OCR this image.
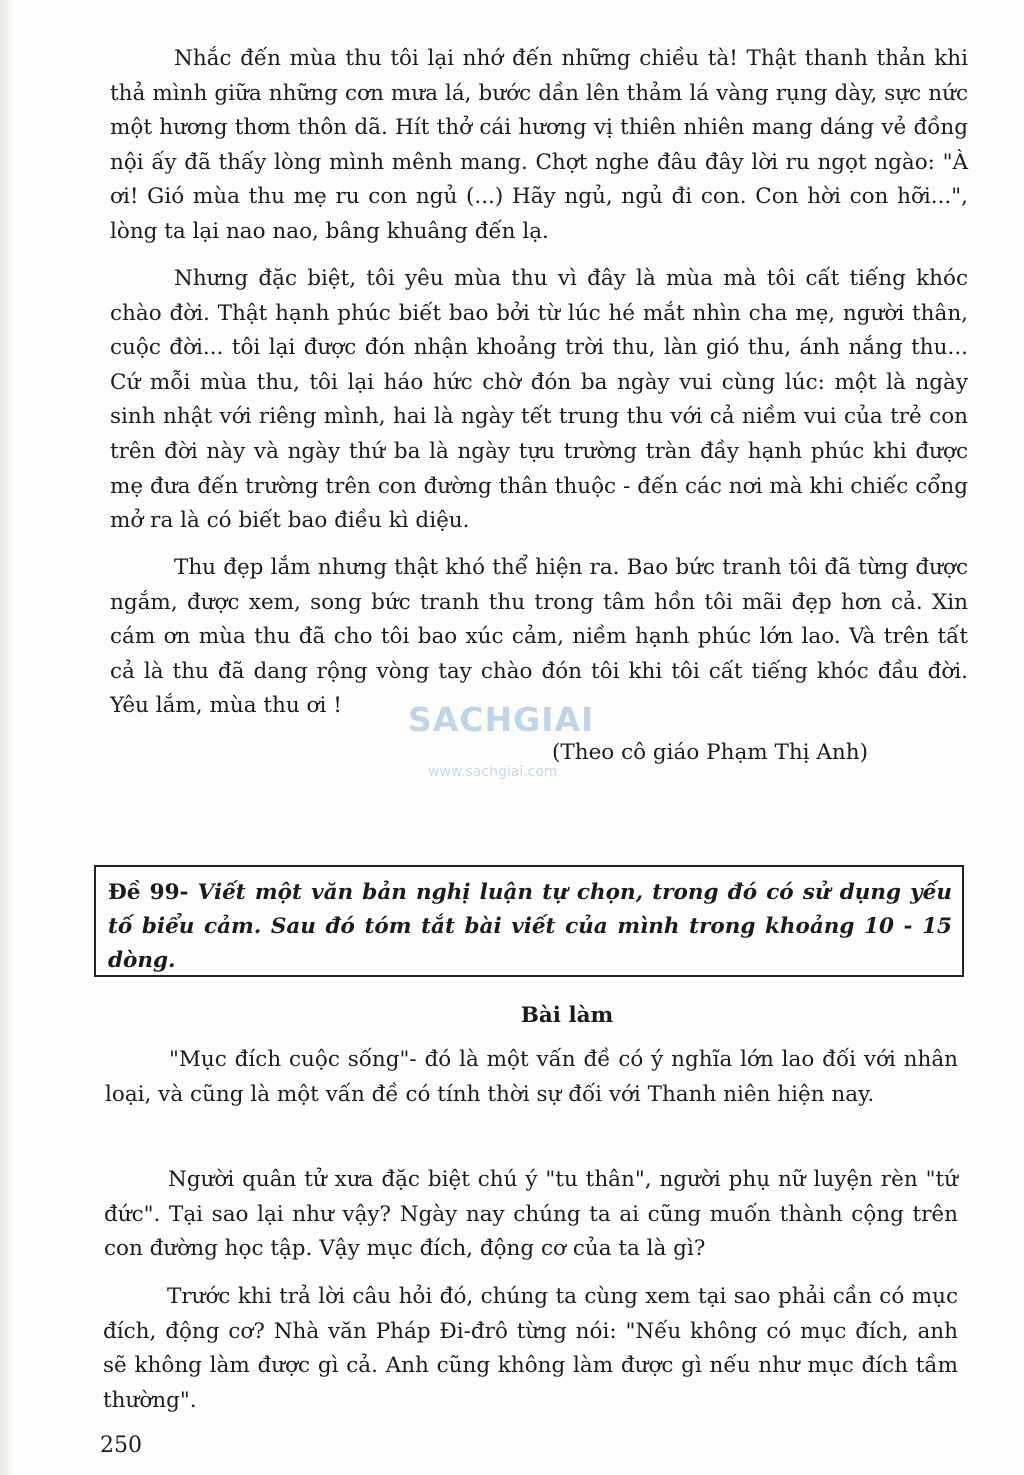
Nhắc đến mùa thu tôi lại nhớ đến những chiều tà! Thật thanh thản khi thả mình giữa những cơn mưa lá, bước dần lên thảm lá vàng rụng dày, sực nức một hương thơm thôn dã. Hít thở cái hương vị thiên nhiên mang dáng vẻ đồng nội ấy đã thấy lòng mình mênh mang. Chợt nghe đâu đây lời ru ngọt ngào: "À ơi! Gió mùa thu mẹ ru con ngủ (...) Hãy ngủ, ngủ đi con. Con hời con hỡi...", lòng ta lại nao nao, bâng khuâng đến lạ.

Nhưng đặc biệt, tôi yêu mùa thu vì đây là mùa mà tôi cất tiếng khóc chào đời. Thật hạnh phúc biết bao bởi từ lúc hé mắt nhìn cha mẹ, người thân, cuộc đời... tôi lại được đón nhận khoảng trời thu, làn gió thu, ánh nắng thu... Cứ mỗi mùa thu, tôi lại háo hức chờ đón ba ngày vui cùng lúc: một là ngày sinh nhật với riêng mình, hai là ngày tết trung thu với cả niềm vui của trẻ con trên đời này và ngày thứ ba là ngày tựu trường tràn đầy hạnh phúc khi được mẹ đưa đến trường trên con đường thân thuộc - đến các nơi mà khi chiếc cổng mở ra là có biết bao điều kì diệu.

Thu đẹp lắm nhưng thật khó thể hiện ra. Bao bức tranh tôi đã từng được ngắm, được xem, song bức tranh thu trong tâm hồn tôi mãi đẹp hơn cả. Xin cám ơn mùa thu đã cho tôi bao xúc cảm, niềm hạnh phúc lớn lao. Và trên tất cả là thu đã dang rộng vòng tay chào đón tôi khi tôi cất tiếng khóc đầu đời. Yêu lắm, mùa thu ơi !	SACHGIAI
www.sachgiai.com

(Theo cô giáo Phạm Thị Anh)

Đề 99- Viết một văn bản nghị luận tự chọn, trong đó có sử dụng yếu tố biểu cảm. Sau đó tóm tắt bài viết của mình trong khoảng 10 - 15 dòng.

Bài làm

"Mục đích cuộc sống"- đó là một vấn đề có ý nghĩa lớn lao đối với nhân loại, và cũng là một vấn đề có tính thời sự đối với Thanh niên hiện nay.

Người quân tử xưa đặc biệt chú ý "tu thân", người phụ nữ luyện rèn "tứ đức". Tại sao lại như vậy? Ngày nay chúng ta ai cũng muốn thành cộng trên con đường học tập. Vậy mục đích, động cơ của ta là gì?

Trước khi trả lời câu hỏi đó, chúng ta cùng xem tại sao phải cần có mục đích, động cơ? Nhà văn Pháp Đi-đrô từng nói: "Nếu không có mục đích, anh sẽ không làm được gì cả. Anh cũng không làm được gì nếu như mục đích tầm thường".

250
